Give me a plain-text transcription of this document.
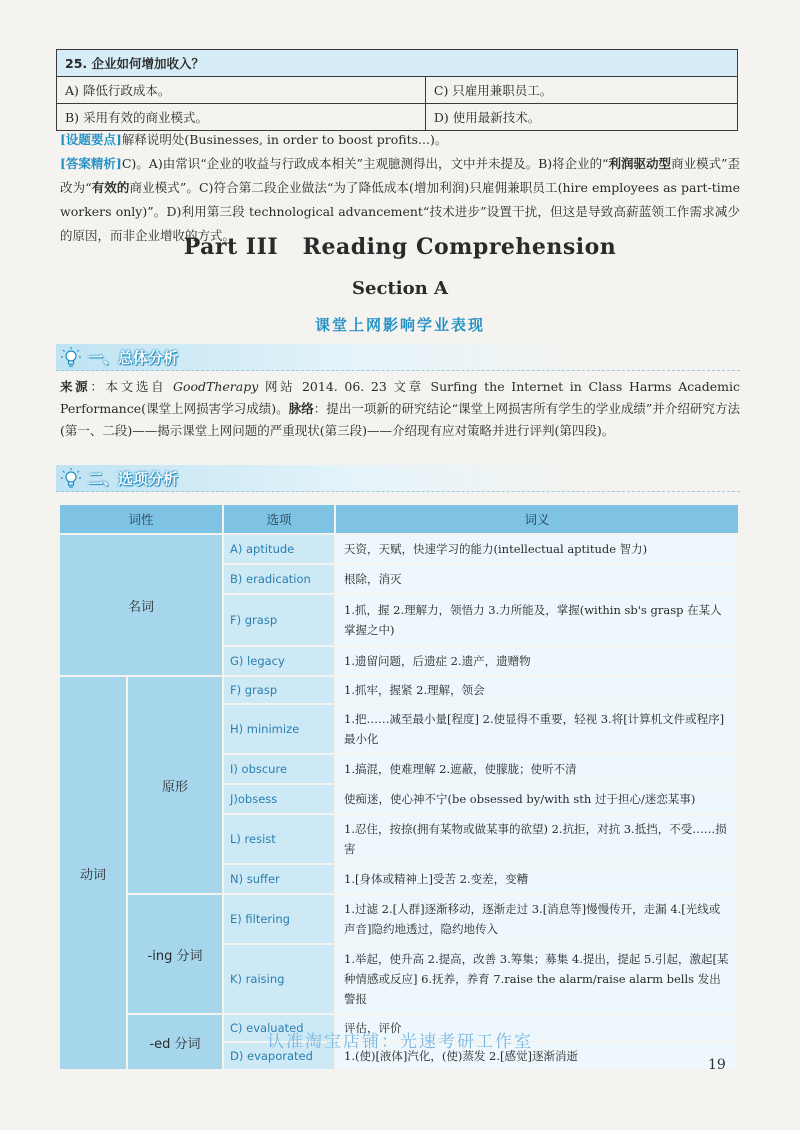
25. 企业如何增加收入？	
A) 降低行政成本。	C) 只雇用兼职员工。
B) 采用有效的商业模式。	D) 使用最新技术。
[设题要点]解释说明处(Businesses, in order to boost profits...)。
[答案精析]C)。A)由常识“企业的收益与行政成本相关”主观臆测得出，文中并未提及。B)将企业的“利润驱动型商业模式”歪改为“有效的商业模式”。C)符合第二段企业做法“为了降低成本(增加利润)只雇佣兼职员工(hire employees as part-time workers only)”。D)利用第三段 technological advancement“技术进步”设置干扰，但这是导致高薪蓝领工作需求减少的原因，而非企业增收的方式。
Part III   Reading Comprehension
Section A
课堂上网影响学业表现
一、总体分析
来源：本文选自 GoodTherapy 网站 2014. 06. 23 文章 Surfing the Internet in Class Harms Academic Performance(课堂上网损害学习成绩)。脉络：提出一项新的研究结论“课堂上网损害所有学生的学业成绩”并介绍研究方法(第一、二段)——揭示课堂上网问题的严重现状(第三段)——介绍现有应对策略并进行评判(第四段)。
二、选项分析
词性		选项	词义
名词		A) aptitude	天资，天赋，快速学习的能力(intellectual aptitude 智力)
		B) eradication	根除，消灭
		F) grasp	1.抓，握 2.理解力，领悟力 3.力所能及，掌握(within sb's grasp 在某人掌握之中)
		G) legacy	1.遗留问题，后遗症 2.遗产，遗赠物
动词	原形	F) grasp	1.抓牢，握紧 2.理解，领会
		H) minimize	1.把……减至最小量[程度] 2.使显得不重要，轻视 3.将[计算机文件或程序]最小化
		I) obscure	1.搞混，使难理解 2.遮蔽，使朦胧；使听不清
		J)obsess	使痴迷，使心神不宁(be obsessed by/with sth 过于担心/迷恋某事)
		L) resist	1.忍住，按捺(拥有某物或做某事的欲望) 2.抗拒，对抗 3.抵挡，不受……损害
		N) suffer	1.[身体或精神上]受苦 2.变差，变糟
	-ing 分词	E) filtering	1.过滤 2.[人群]逐渐移动，逐渐走过 3.[消息等]慢慢传开，走漏 4.[光线或声音]隐约地透过，隐约地传入
		K) raising	1.举起，使升高 2.提高，改善 3.筹集；募集 4.提出，提起 5.引起，激起[某种情感或反应] 6.抚养，养育 7.raise the alarm/raise alarm bells 发出警报
	-ed 分词	C) evaluated	评估，评价
		D) evaporated	1.(使)[液体]汽化，(使)蒸发 2.[感觉]逐渐消逝
认准淘宝店铺：光速考研工作室
19
